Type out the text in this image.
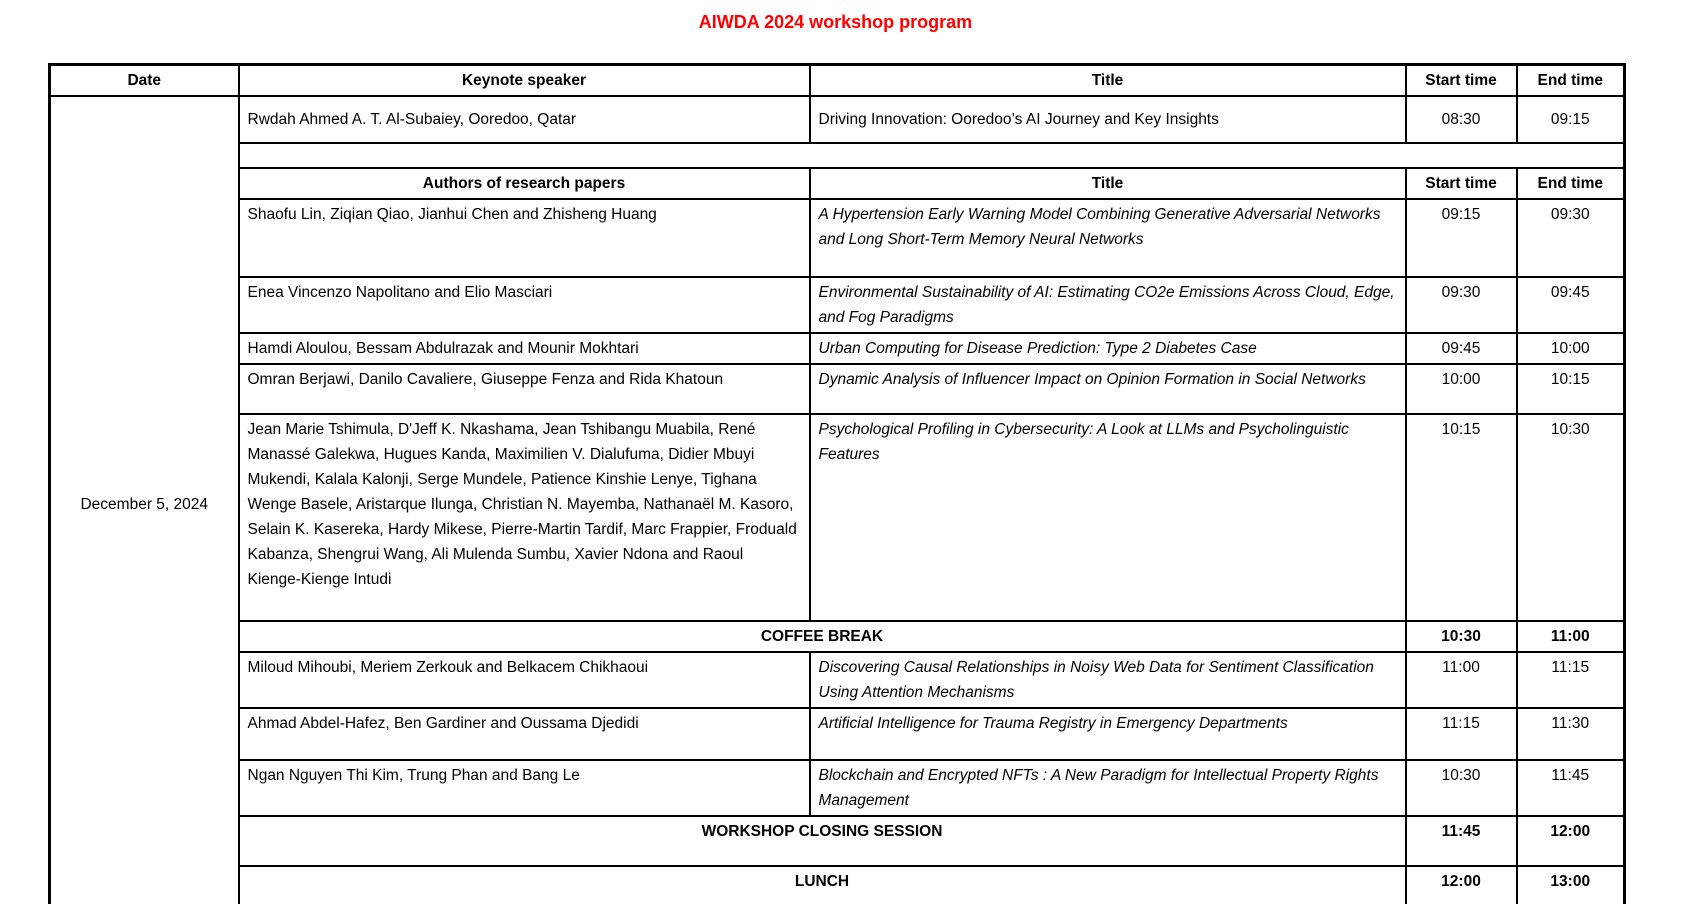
AIWDA 2024 workshop program
Date	Keynote speaker	Title	Start time	End time
December 5, 2024	Rwdah Ahmed A. T. Al-Subaiey, Ooredoo, Qatar	Driving Innovation: Ooredoo’s AI Journey and Key Insights	08:30	09:15

	Authors of research papers	Title	Start time	End time
	Shaofu Lin, Ziqian Qiao, Jianhui Chen and Zhisheng Huang	A Hypertension Early Warning Model Combining Generative Adversarial Networks and Long Short-Term Memory Neural Networks	09:15	09:30
	Enea Vincenzo Napolitano and Elio Masciari	Environmental Sustainability of AI: Estimating CO2e Emissions Across Cloud, Edge, and Fog Paradigms	09:30	09:45
	Hamdi Aloulou, Bessam Abdulrazak and Mounir Mokhtari	Urban Computing for Disease Prediction: Type 2 Diabetes Case	09:45	10:00
	Omran Berjawi, Danilo Cavaliere, Giuseppe Fenza and Rida Khatoun	Dynamic Analysis of Influencer Impact on Opinion Formation in Social Networks	10:00	10:15
	Jean Marie Tshimula, D'Jeff K. Nkashama, Jean Tshibangu Muabila, René Manassé Galekwa, Hugues Kanda, Maximilien V. Dialufuma, Didier Mbuyi Mukendi, Kalala Kalonji, Serge Mundele, Patience Kinshie Lenye, Tighana Wenge Basele, Aristarque Ilunga, Christian N. Mayemba, Nathanaël M. Kasoro, Selain K. Kasereka, Hardy Mikese, Pierre-Martin Tardif, Marc Frappier, Froduald Kabanza, Shengrui Wang, Ali Mulenda Sumbu, Xavier Ndona and Raoul Kienge-Kienge Intudi	Psychological Profiling in Cybersecurity: A Look at LLMs and Psycholinguistic Features	10:15	10:30
	COFFEE BREAK		10:30	11:00
	Miloud Mihoubi, Meriem Zerkouk and Belkacem Chikhaoui	Discovering Causal Relationships in Noisy Web Data for Sentiment Classification Using Attention Mechanisms	11:00	11:15
	Ahmad Abdel-Hafez, Ben Gardiner and Oussama Djedidi	Artificial Intelligence for Trauma Registry in Emergency Departments	11:15	11:30
	Ngan Nguyen Thi Kim, Trung Phan and Bang Le	Blockchain and Encrypted NFTs : A New Paradigm for Intellectual Property Rights Management	10:30	11:45
	WORKSHOP CLOSING SESSION		11:45	12:00
	LUNCH		12:00	13:00
